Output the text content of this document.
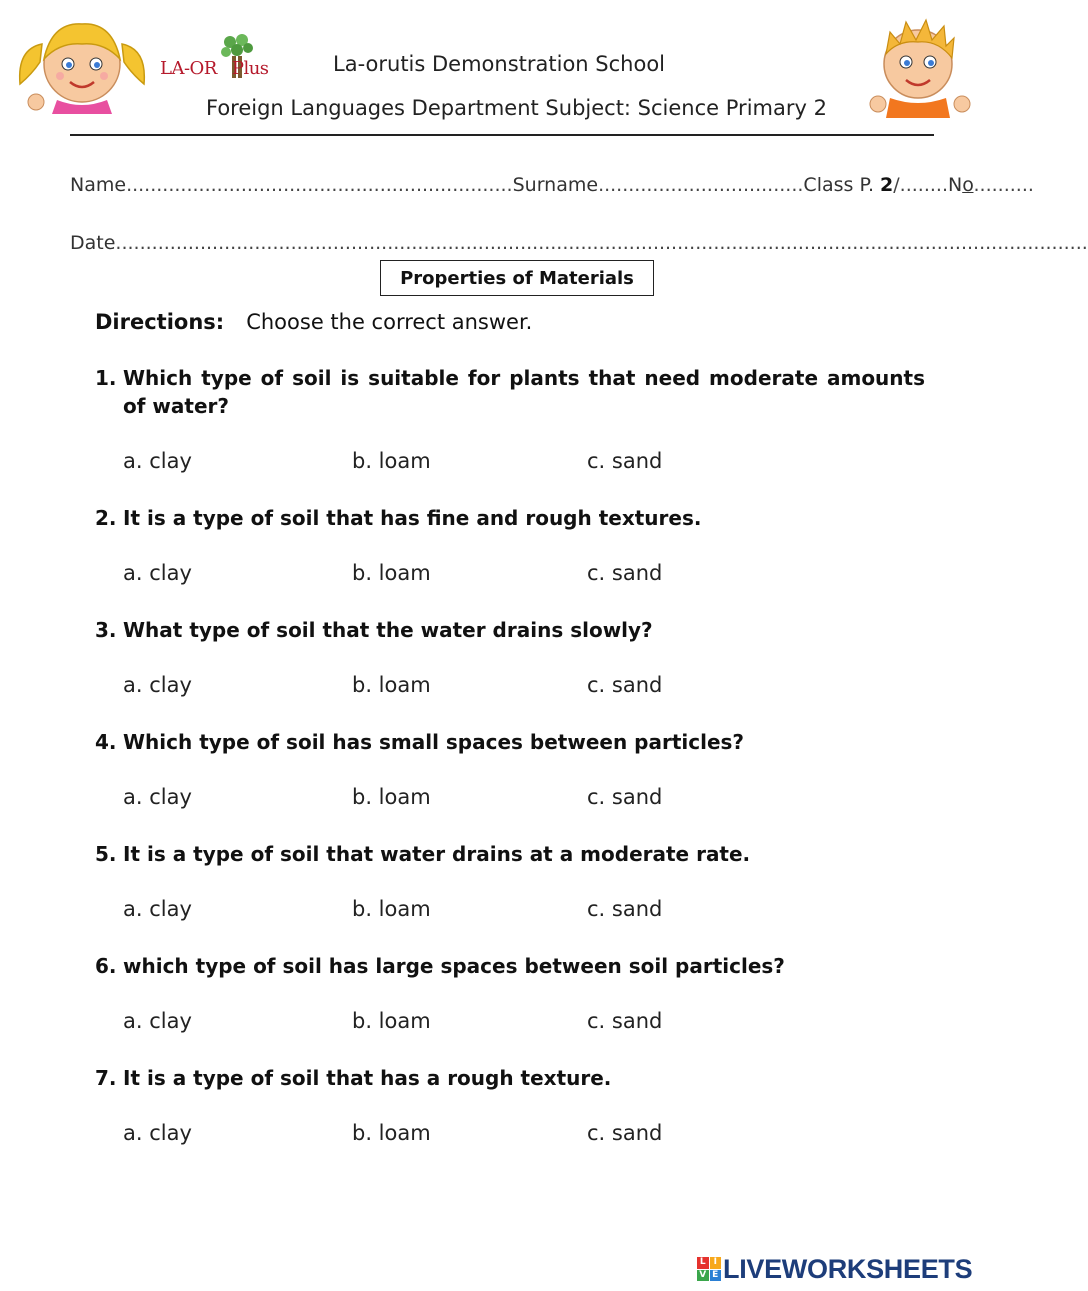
LA-OR Plus	La-orutis Demonstration School
Foreign Languages Department Subject: Science Primary 2
Name................................................................Surname..................................Class P. 2/........No..........
Date.................................................................................................................................................................
Properties of Materials
Directions: Choose the correct answer.
1. Which type of soil is suitable for plants that need moderate amounts of water?
a. clay	b. loam	c. sand
2. It is a type of soil that has fine and rough textures.
a. clay	b. loam	c. sand
3. What type of soil that the water drains slowly?
a. clay	b. loam	c. sand
4. Which type of soil has small spaces between particles?
a. clay	b. loam	c. sand
5. It is a type of soil that water drains at a moderate rate.
a. clay	b. loam	c. sand
6. which type of soil has large spaces between soil particles?
a. clay	b. loam	c. sand
7. It is a type of soil that has a rough texture.
a. clay	b. loam	c. sand
L I
V E LIVEWORKSHEETS
